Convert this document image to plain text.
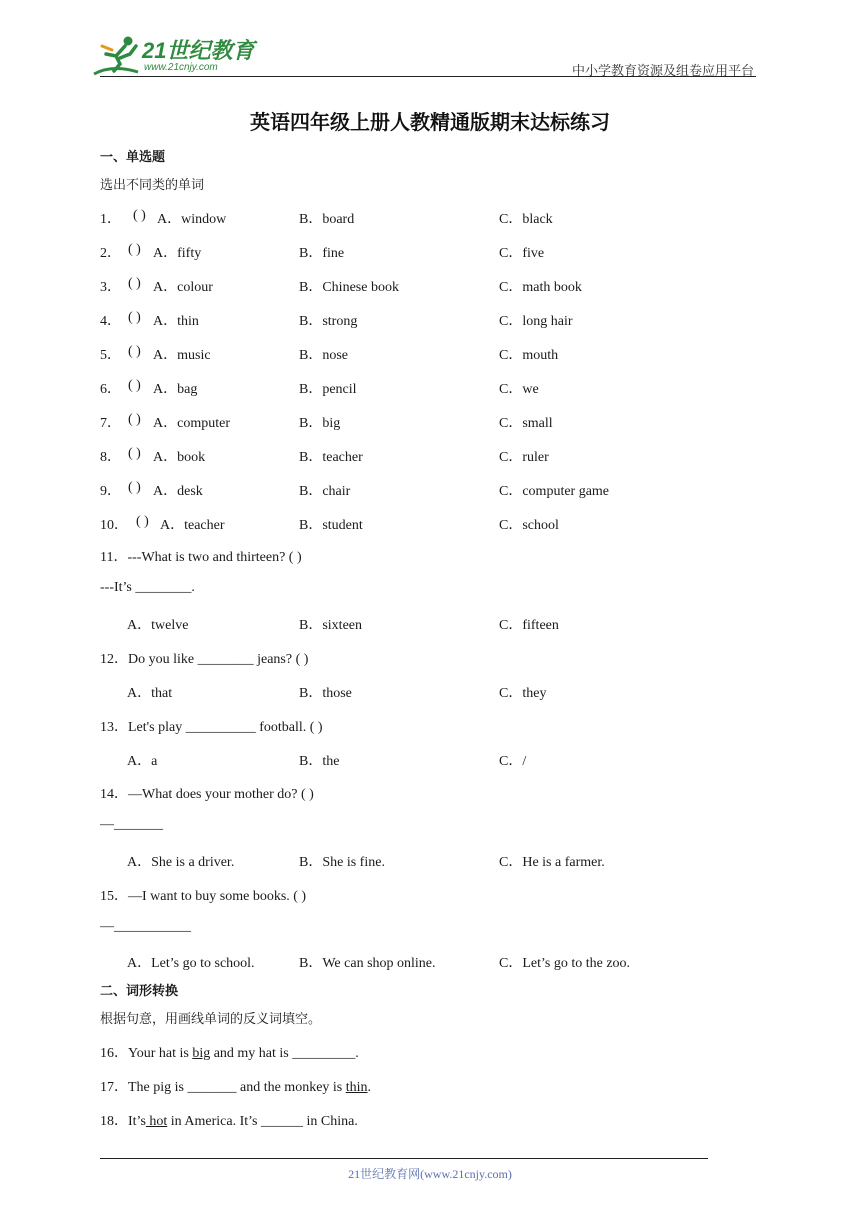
21世纪教育
www.21cnjy.com	中小学教育资源及组卷应用平台
英语四年级上册人教精通版期末达标练习
一、单选题
选出不同类的单词
1． ( ) A．window	B．board	C．black
2． ( ) A．fifty	B．fine	C．five
3． ( ) A．colour	B．Chinese book	C．math book
4． ( ) A．thin	B．strong	C．long hair
5． ( ) A．music	B．nose	C．mouth
6． ( ) A．bag	B．pencil	C．we
7． ( ) A．computer	B．big	C．small
8． ( ) A．book	B．teacher	C．ruler
9． ( ) A．desk	B．chair	C．computer game
10． ( ) A．teacher	B．student	C．school
11．---What is two and thirteen? ( )
---It’s ________.
A．twelve	B．sixteen	C．fifteen
12．Do you like ________ jeans? ( )
A．that	B．those	C．they
13．Let's play __________ football. ( )
A．a	B．the	C．/
14．—What does your mother do? ( )
—_______
A．She is a driver.	B．She is fine.	C．He is a farmer.
15．—I want to buy some books. ( )
—___________
A．Let’s go to school.	B．We can shop online.	C．Let’s go to the zoo.
二、词形转换
根据句意，用画线单词的反义词填空。
16．Your hat is big and my hat is _________.
17．The pig is _______ and the monkey is thin.
18．It’s hot in America. It’s ______ in China.
21世纪教育网(www.21cnjy.com)
